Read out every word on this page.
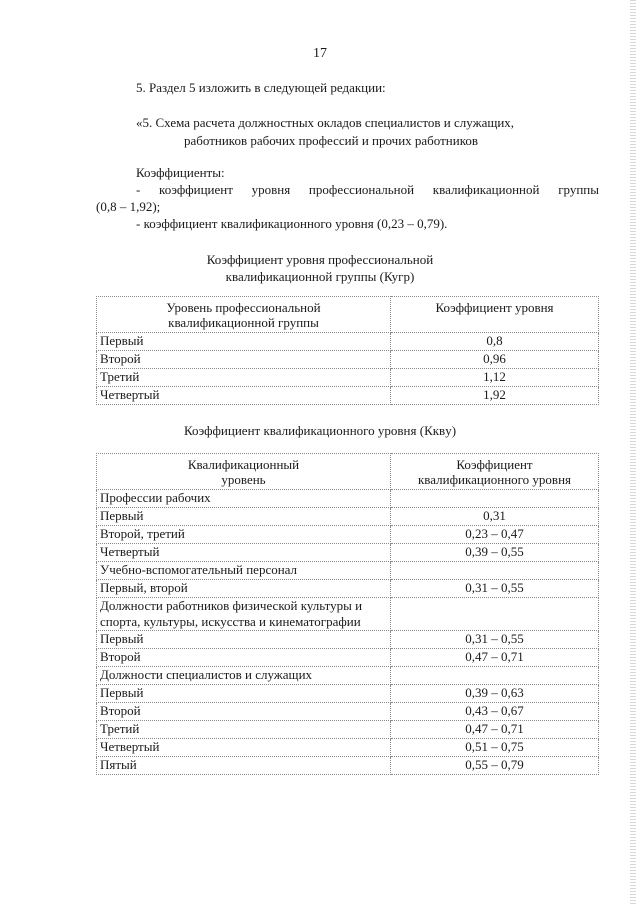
17
5. Раздел 5 изложить в следующей редакции:
«5. Схема расчета должностных окладов специалистов и служащих,
работников рабочих профессий и прочих работников
Коэффициенты:
- коэффициент уровня профессиональной квалификационной группы
(0,8 – 1,92);
- коэффициент квалификационного уровня (0,23 – 0,79).
Коэффициент уровня профессиональной
квалификационной группы (Кугр)
Уровень профессиональной квалификационной группы	Коэффициент уровня
Первый	0,8
Второй	0,96
Третий	1,12
Четвертый	1,92
Коэффициент квалификационного уровня (Кквy)
Квалификационный уровень	Коэффициент квалификационного уровня
Профессии рабочих	
Первый	0,31
Второй, третий	0,23 – 0,47
Четвертый	0,39 – 0,55
Учебно-вспомогательный персонал	
Первый, второй	0,31 – 0,55
Должности работников физической культуры и спорта, культуры, искусства и кинематографии	
Первый	0,31 – 0,55
Второй	0,47 – 0,71
Должности специалистов и служащих	
Первый	0,39 – 0,63
Второй	0,43 – 0,67
Третий	0,47 – 0,71
Четвертый	0,51 – 0,75
Пятый	0,55 – 0,79
